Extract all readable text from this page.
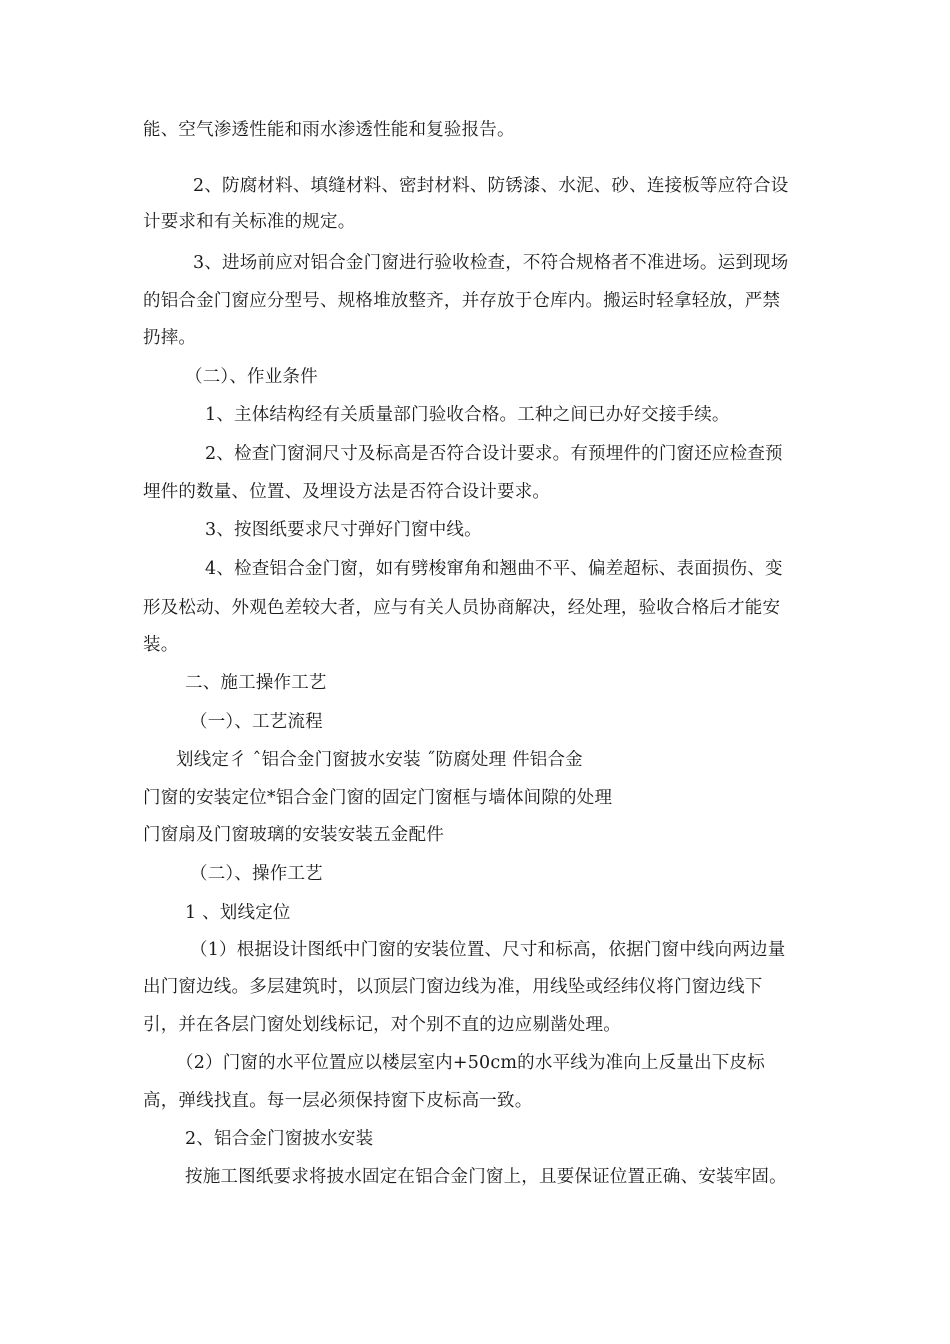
能、空气渗透性能和雨水渗透性能和复验报告。
2、防腐材料、填缝材料、密封材料、防锈漆、水泥、砂、连接板等应符合设
计要求和有关标准的规定。
3、进场前应对铝合金门窗进行验收检查，不符合规格者不准进场。运到现场
的铝合金门窗应分型号、规格堆放整齐，并存放于仓库内。搬运时轻拿轻放，严禁
扔摔。
（二）、作业条件
1、主体结构经有关质量部门验收合格。工种之间已办好交接手续。
2、检查门窗洞尺寸及标高是否符合设计要求。有预埋件的门窗还应检查预
埋件的数量、位置、及埋设方法是否符合设计要求。
3、按图纸要求尺寸弹好门窗中线。
4、检查铝合金门窗，如有劈梭窜角和翘曲不平、偏差超标、表面损伤、变
形及松动、外观色差较大者，应与有关人员协商解决，经处理，验收合格后才能安
装。
二、施工操作工艺
（一）、工艺流程
划线定彳 ˆ铝合金门窗披水安装 ˝防腐处理 件铝合金
门窗的安装定位*铝合金门窗的固定门窗框与墙体间隙的处理
门窗扇及门窗玻璃的安装安装五金配件
（二）、操作工艺
1 、划线定位
（1）根据设计图纸中门窗的安装位置、尺寸和标高，依据门窗中线向两边量
出门窗边线。多层建筑时，以顶层门窗边线为准，用线坠或经纬仪将门窗边线下
引，并在各层门窗处划线标记，对个别不直的边应剔凿处理。
（2）门窗的水平位置应以楼层室内+50cm的水平线为准向上反量出下皮标
高，弹线找直。每一层必须保持窗下皮标高一致。
2、铝合金门窗披水安装
按施工图纸要求将披水固定在铝合金门窗上，且要保证位置正确、安装牢固。
